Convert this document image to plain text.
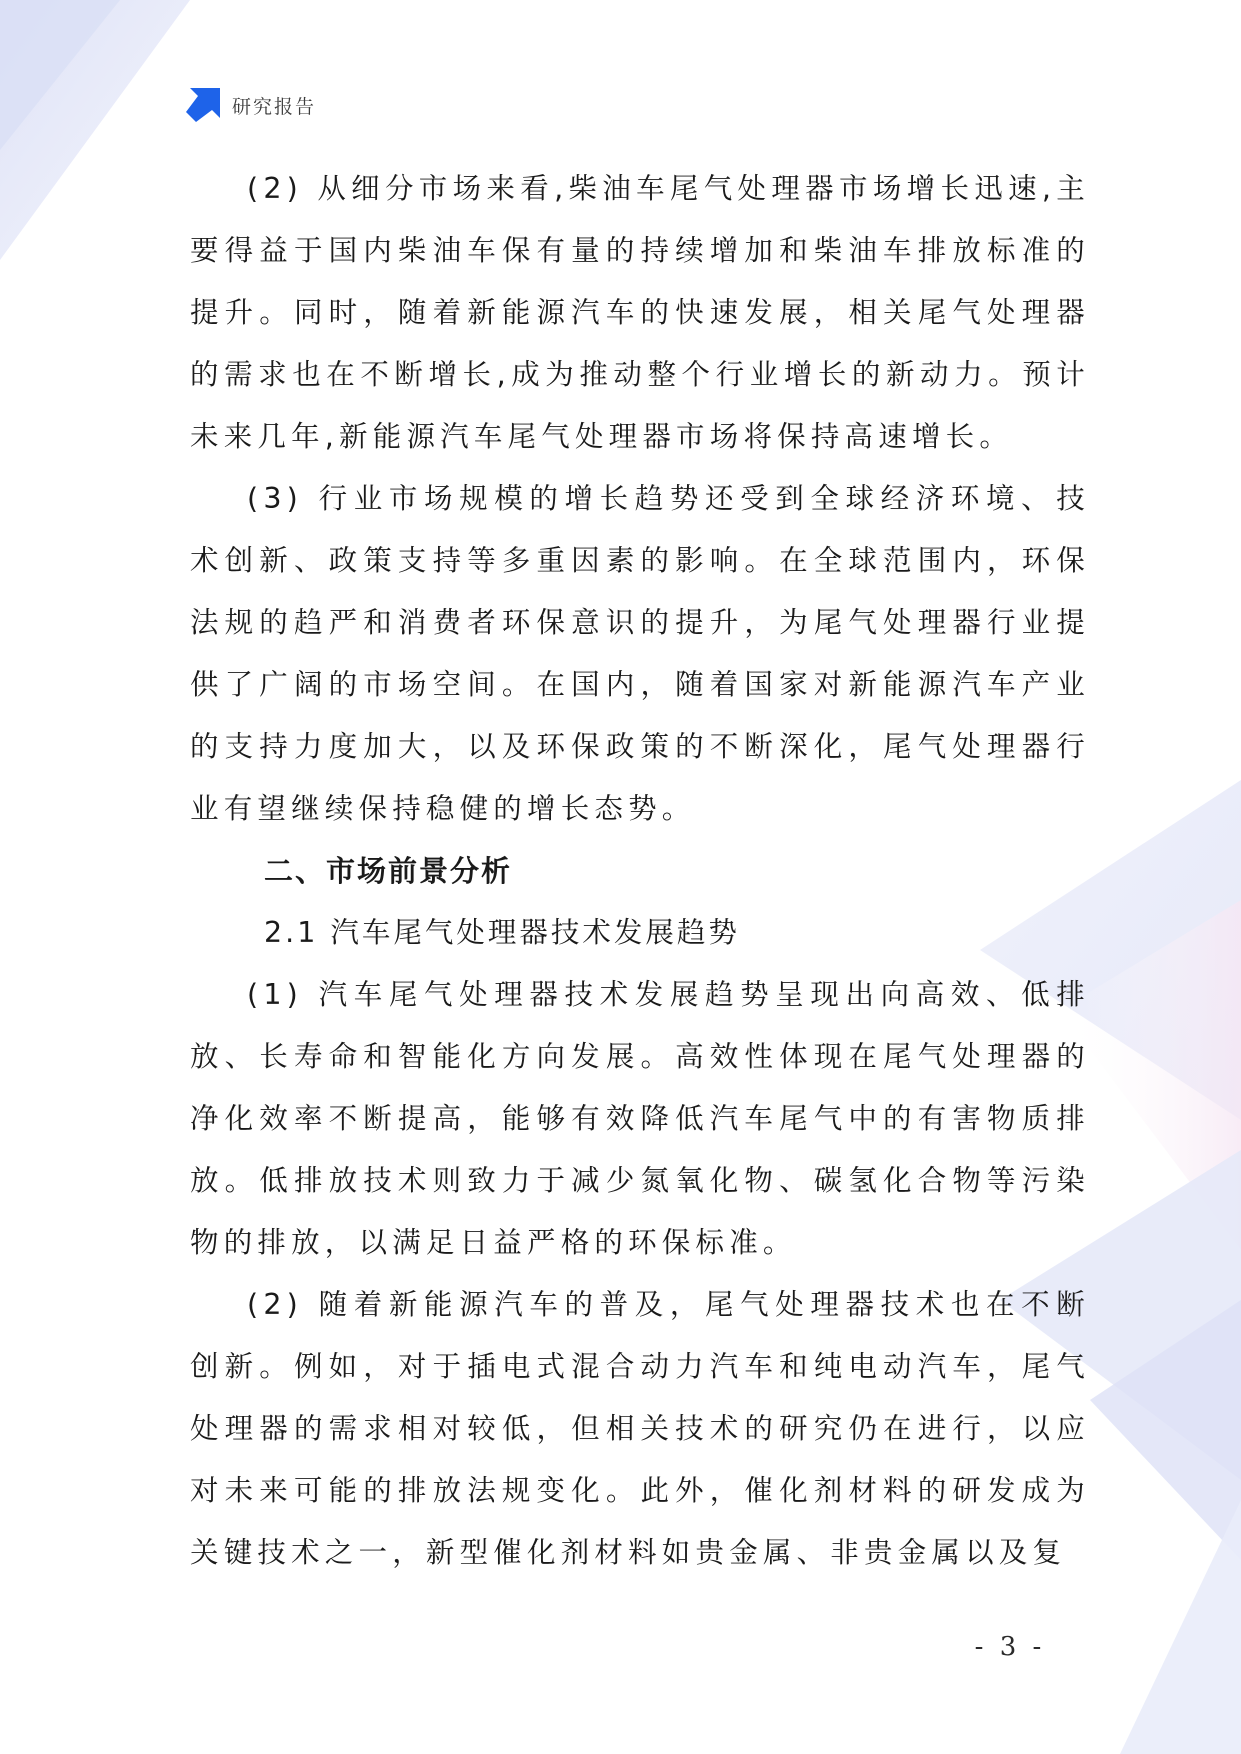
研究报告

(2) 从细分市场来看,柴油车尾气处理器市场增长迅速,主要得益于国内柴油车保有量的持续增加和柴油车排放标准的提升。同时，随着新能源汽车的快速发展，相关尾气处理器的需求也在不断增长,成为推动整个行业增长的新动力。预计未来几年,新能源汽车尾气处理器市场将保持高速增长。

(3) 行业市场规模的增长趋势还受到全球经济环境、技术创新、政策支持等多重因素的影响。在全球范围内，环保法规的趋严和消费者环保意识的提升，为尾气处理器行业提供了广阔的市场空间。在国内，随着国家对新能源汽车产业的支持力度加大，以及环保政策的不断深化，尾气处理器行业有望继续保持稳健的增长态势。

二、市场前景分析
2.1 汽车尾气处理器技术发展趋势

(1) 汽车尾气处理器技术发展趋势呈现出向高效、低排放、长寿命和智能化方向发展。高效性体现在尾气处理器的净化效率不断提高，能够有效降低汽车尾气中的有害物质排放。低排放技术则致力于减少氮氧化物、碳氢化合物等污染物的排放，以满足日益严格的环保标准。

(2) 随着新能源汽车的普及，尾气处理器技术也在不断创新。例如，对于插电式混合动力汽车和纯电动汽车，尾气处理器的需求相对较低，但相关技术的研究仍在进行，以应对未来可能的排放法规变化。此外，催化剂材料的研发成为关键技术之一，新型催化剂材料如贵金属、非贵金属以及复

- 3 -
